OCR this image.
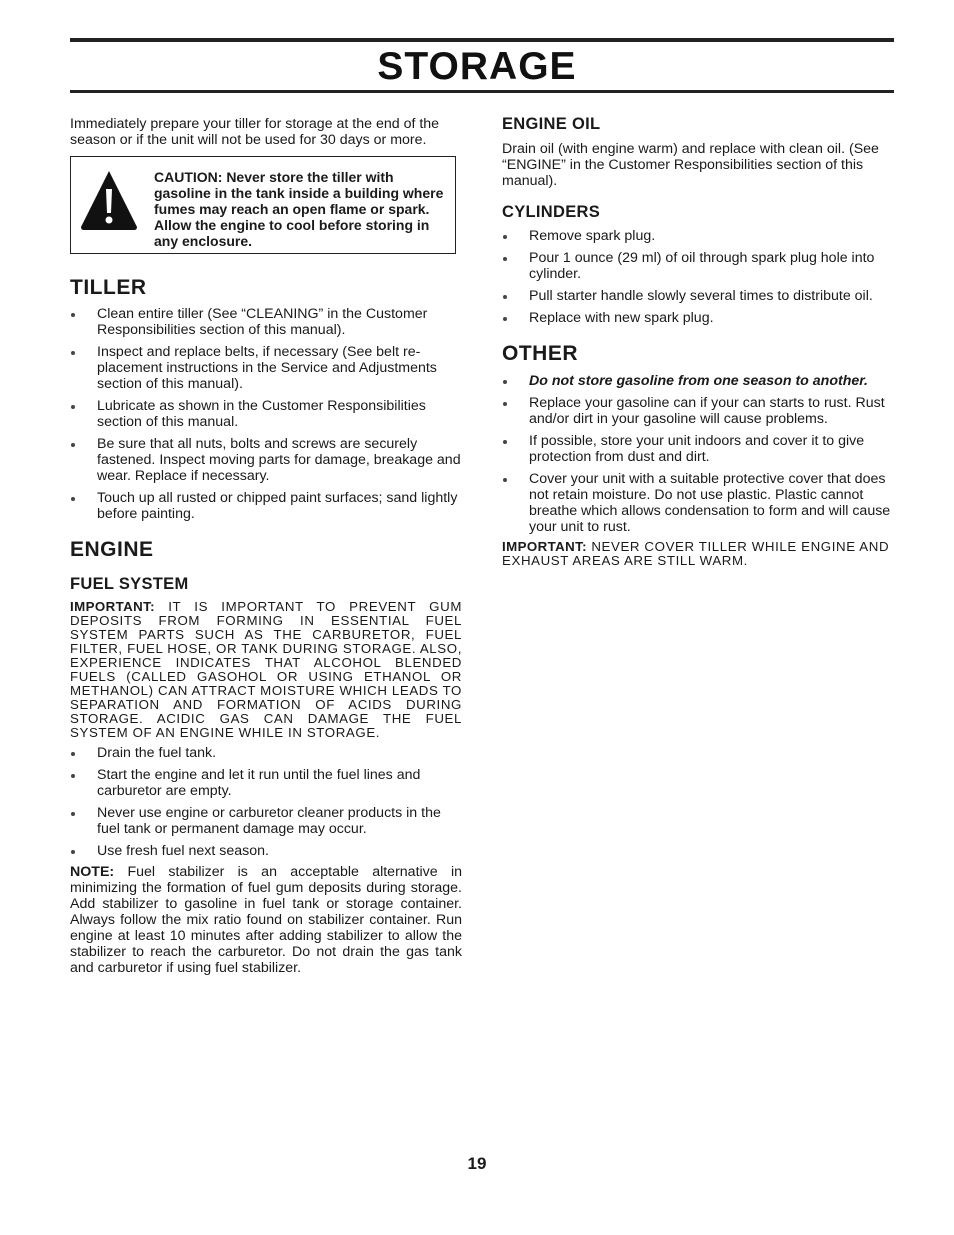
STORAGE

Immediately prepare your tiller for storage at the end of the season or if the unit will not be used for 30 days or more.

CAUTION: Never store the tiller with gasoline in the tank inside a building where fumes may reach an open flame or spark. Allow the engine to cool before storing in any enclosure.

TILLER
Clean entire tiller (See “CLEANING” in the Customer Responsibilities section of this manual).
Inspect and replace belts, if necessary (See belt re-placement instructions in the Service and Adjustments section of this manual).
Lubricate as shown in the Customer Responsibilities section of this manual.
Be sure that all nuts, bolts and screws are securely fastened. Inspect moving parts for damage, breakage and wear. Replace if necessary.
Touch up all rusted or chipped paint surfaces; sand lightly before painting.
ENGINE
FUEL SYSTEM

IMPORTANT: IT IS IMPORTANT TO PREVENT GUM DEPOSITS FROM FORMING IN ESSENTIAL FUEL SYSTEM PARTS SUCH AS THE CARBURETOR, FUEL FILTER, FUEL HOSE, OR TANK DURING STORAGE. ALSO, EXPERIENCE INDICATES THAT ALCOHOL BLENDED FUELS (CALLED GASOHOL OR USING ETHANOL OR METHANOL) CAN ATTRACT MOISTURE WHICH LEADS TO SEPARATION AND FORMATION OF ACIDS DURING STORAGE. ACIDIC GAS CAN DAMAGE THE FUEL SYSTEM OF AN ENGINE WHILE IN STORAGE.

Drain the fuel tank.
Start the engine and let it run until the fuel lines and carburetor are empty.
Never use engine or carburetor cleaner products in the fuel tank or permanent damage may occur.
Use fresh fuel next season.

NOTE: Fuel stabilizer is an acceptable alternative in minimizing the formation of fuel gum deposits during storage. Add stabilizer to gasoline in fuel tank or storage container. Always follow the mix ratio found on stabilizer container. Run engine at least 10 minutes after adding stabilizer to allow the stabilizer to reach the carburetor. Do not drain the gas tank and carburetor if using fuel stabilizer.

ENGINE OIL

Drain oil (with engine warm) and replace with clean oil. (See “ENGINE” in the Customer Responsibilities section of this manual).

CYLINDERS
Remove spark plug.
Pour 1 ounce (29 ml) of oil through spark plug hole into cylinder.
Pull starter handle slowly several times to distribute oil.
Replace with new spark plug.
OTHER
Do not store gasoline from one season to another.
Replace your gasoline can if your can starts to rust. Rust and/or dirt in your gasoline will cause problems.
If possible, store your unit indoors and cover it to give protection from dust and dirt.
Cover your unit with a suitable protective cover that does not retain moisture. Do not use plastic. Plastic cannot breathe which allows condensation to form and will cause your unit to rust.

IMPORTANT: NEVER COVER TILLER WHILE ENGINE AND EXHAUST AREAS ARE STILL WARM.

19
